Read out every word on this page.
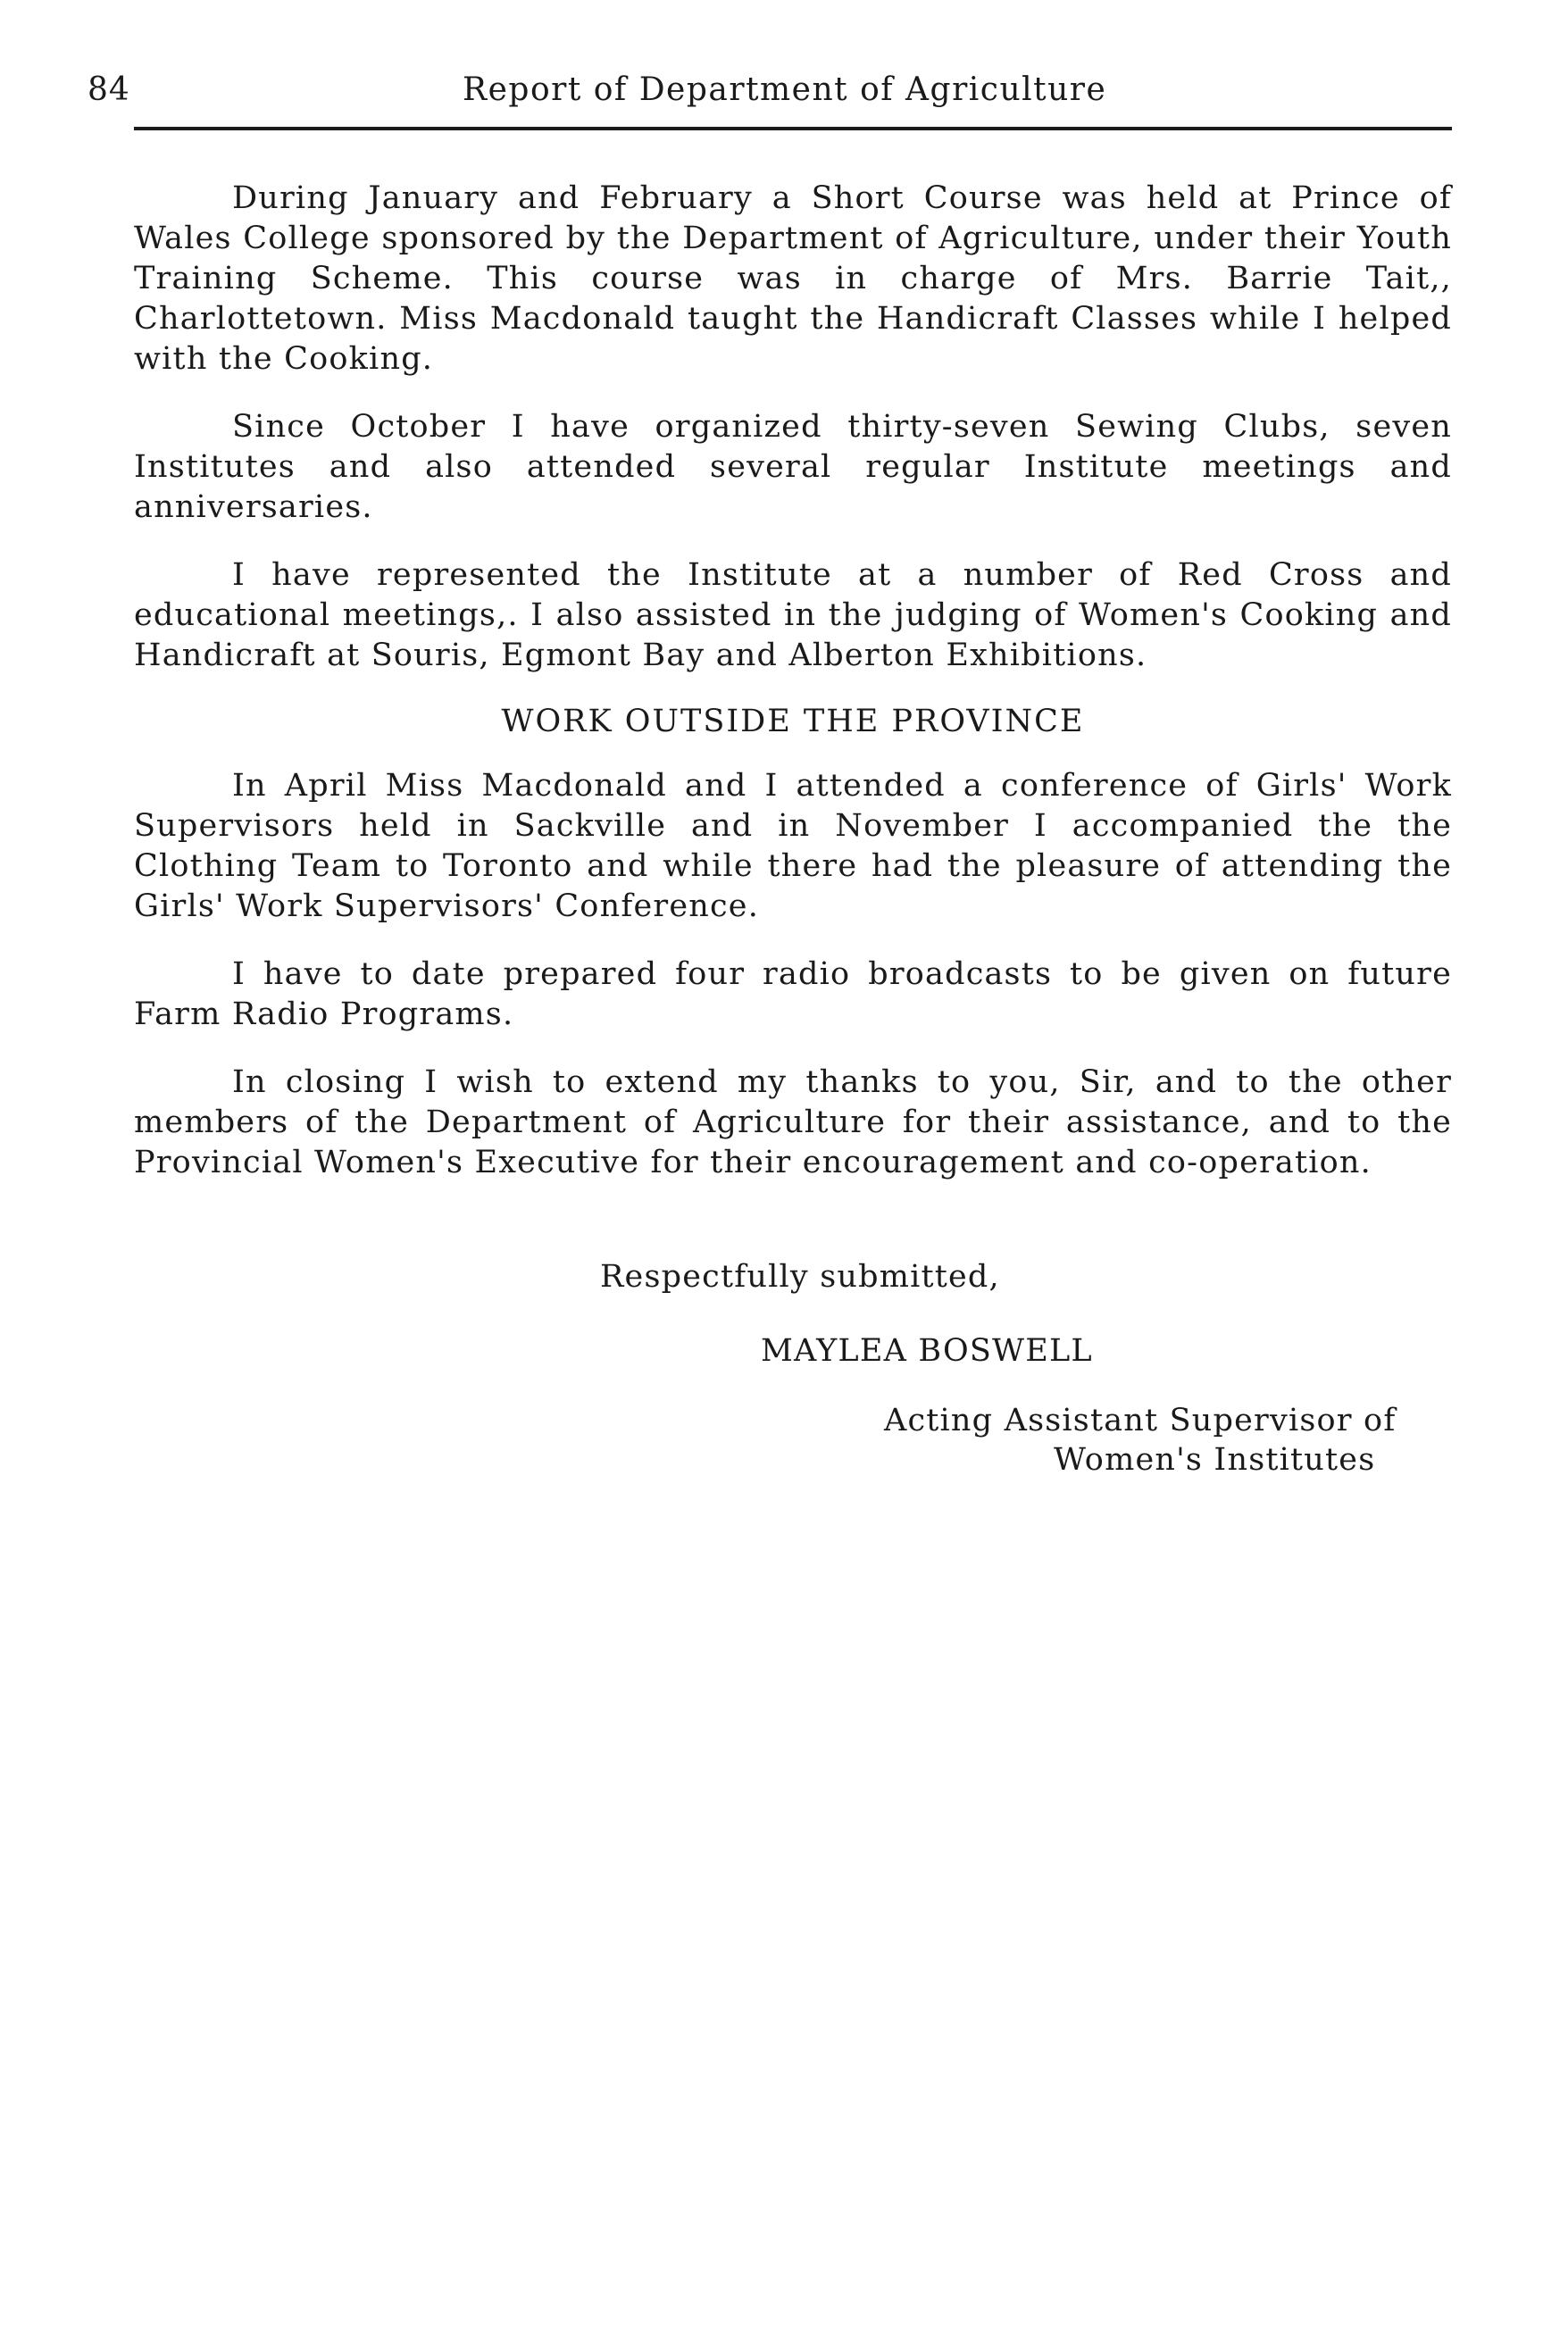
84	Report of Department of Agriculture

During January and February a Short Course was held at Prince of Wales College sponsored by the Department of Agriculture, under their Youth Training Scheme. This course was in charge of Mrs. Barrie Tait,, Charlottetown. Miss Macdonald taught the Handicraft Classes while I helped with the Cooking.

Since October I have organized thirty-seven Sewing Clubs, seven Institutes and also attended several regular Institute meetings and anniversaries.

I have represented the Institute at a number of Red Cross and educational meetings,. I also assisted in the judging of Women's Cooking and Handicraft at Souris, Egmont Bay and Alberton Exhibitions.

WORK OUTSIDE THE PROVINCE

In April Miss Macdonald and I attended a conference of Girls' Work Supervisors held in Sackville and in November I accompanied the the Clothing Team to Toronto and while there had the pleasure of attending the Girls' Work Supervisors' Conference.

I have to date prepared four radio broadcasts to be given on future Farm Radio Programs.

In closing I wish to extend my thanks to you, Sir, and to the other members of the Department of Agriculture for their assistance, and to the Provincial Women's Executive for their encouragement and co-operation.

Respectfully submitted,
MAYLEA BOSWELL
Acting Assistant Supervisor of
Women's Institutes
